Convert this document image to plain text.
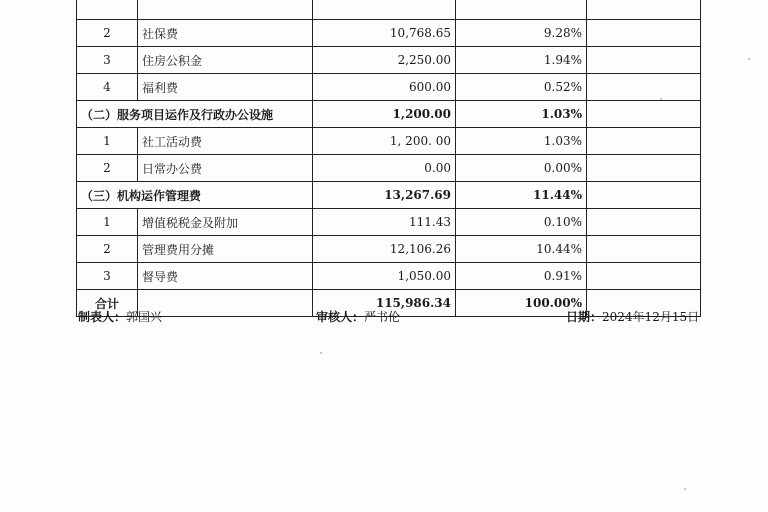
2	社保费	10,768.65	9.28%	
3	住房公积金	2,250.00	1.94%	
4	福利费	600.00	0.52%	
（二）服务项目运作及行政办公设施		1,200.00	1.03%	
1	社工活动费	1, 200. 00	1.03%	
2	日常办公费	0.00	0.00%	
（三）机构运作管理费		13,267.69	11.44%	
1	增值税税金及附加	111.43	0.10%	
2	管理费用分摊	12,106.26	10.44%	
3	督导费	1,050.00	0.91%	
合计		115,986.34	100.00%	
制表人：郭国兴	审核人：严书伦	日期：2024年12月15日
